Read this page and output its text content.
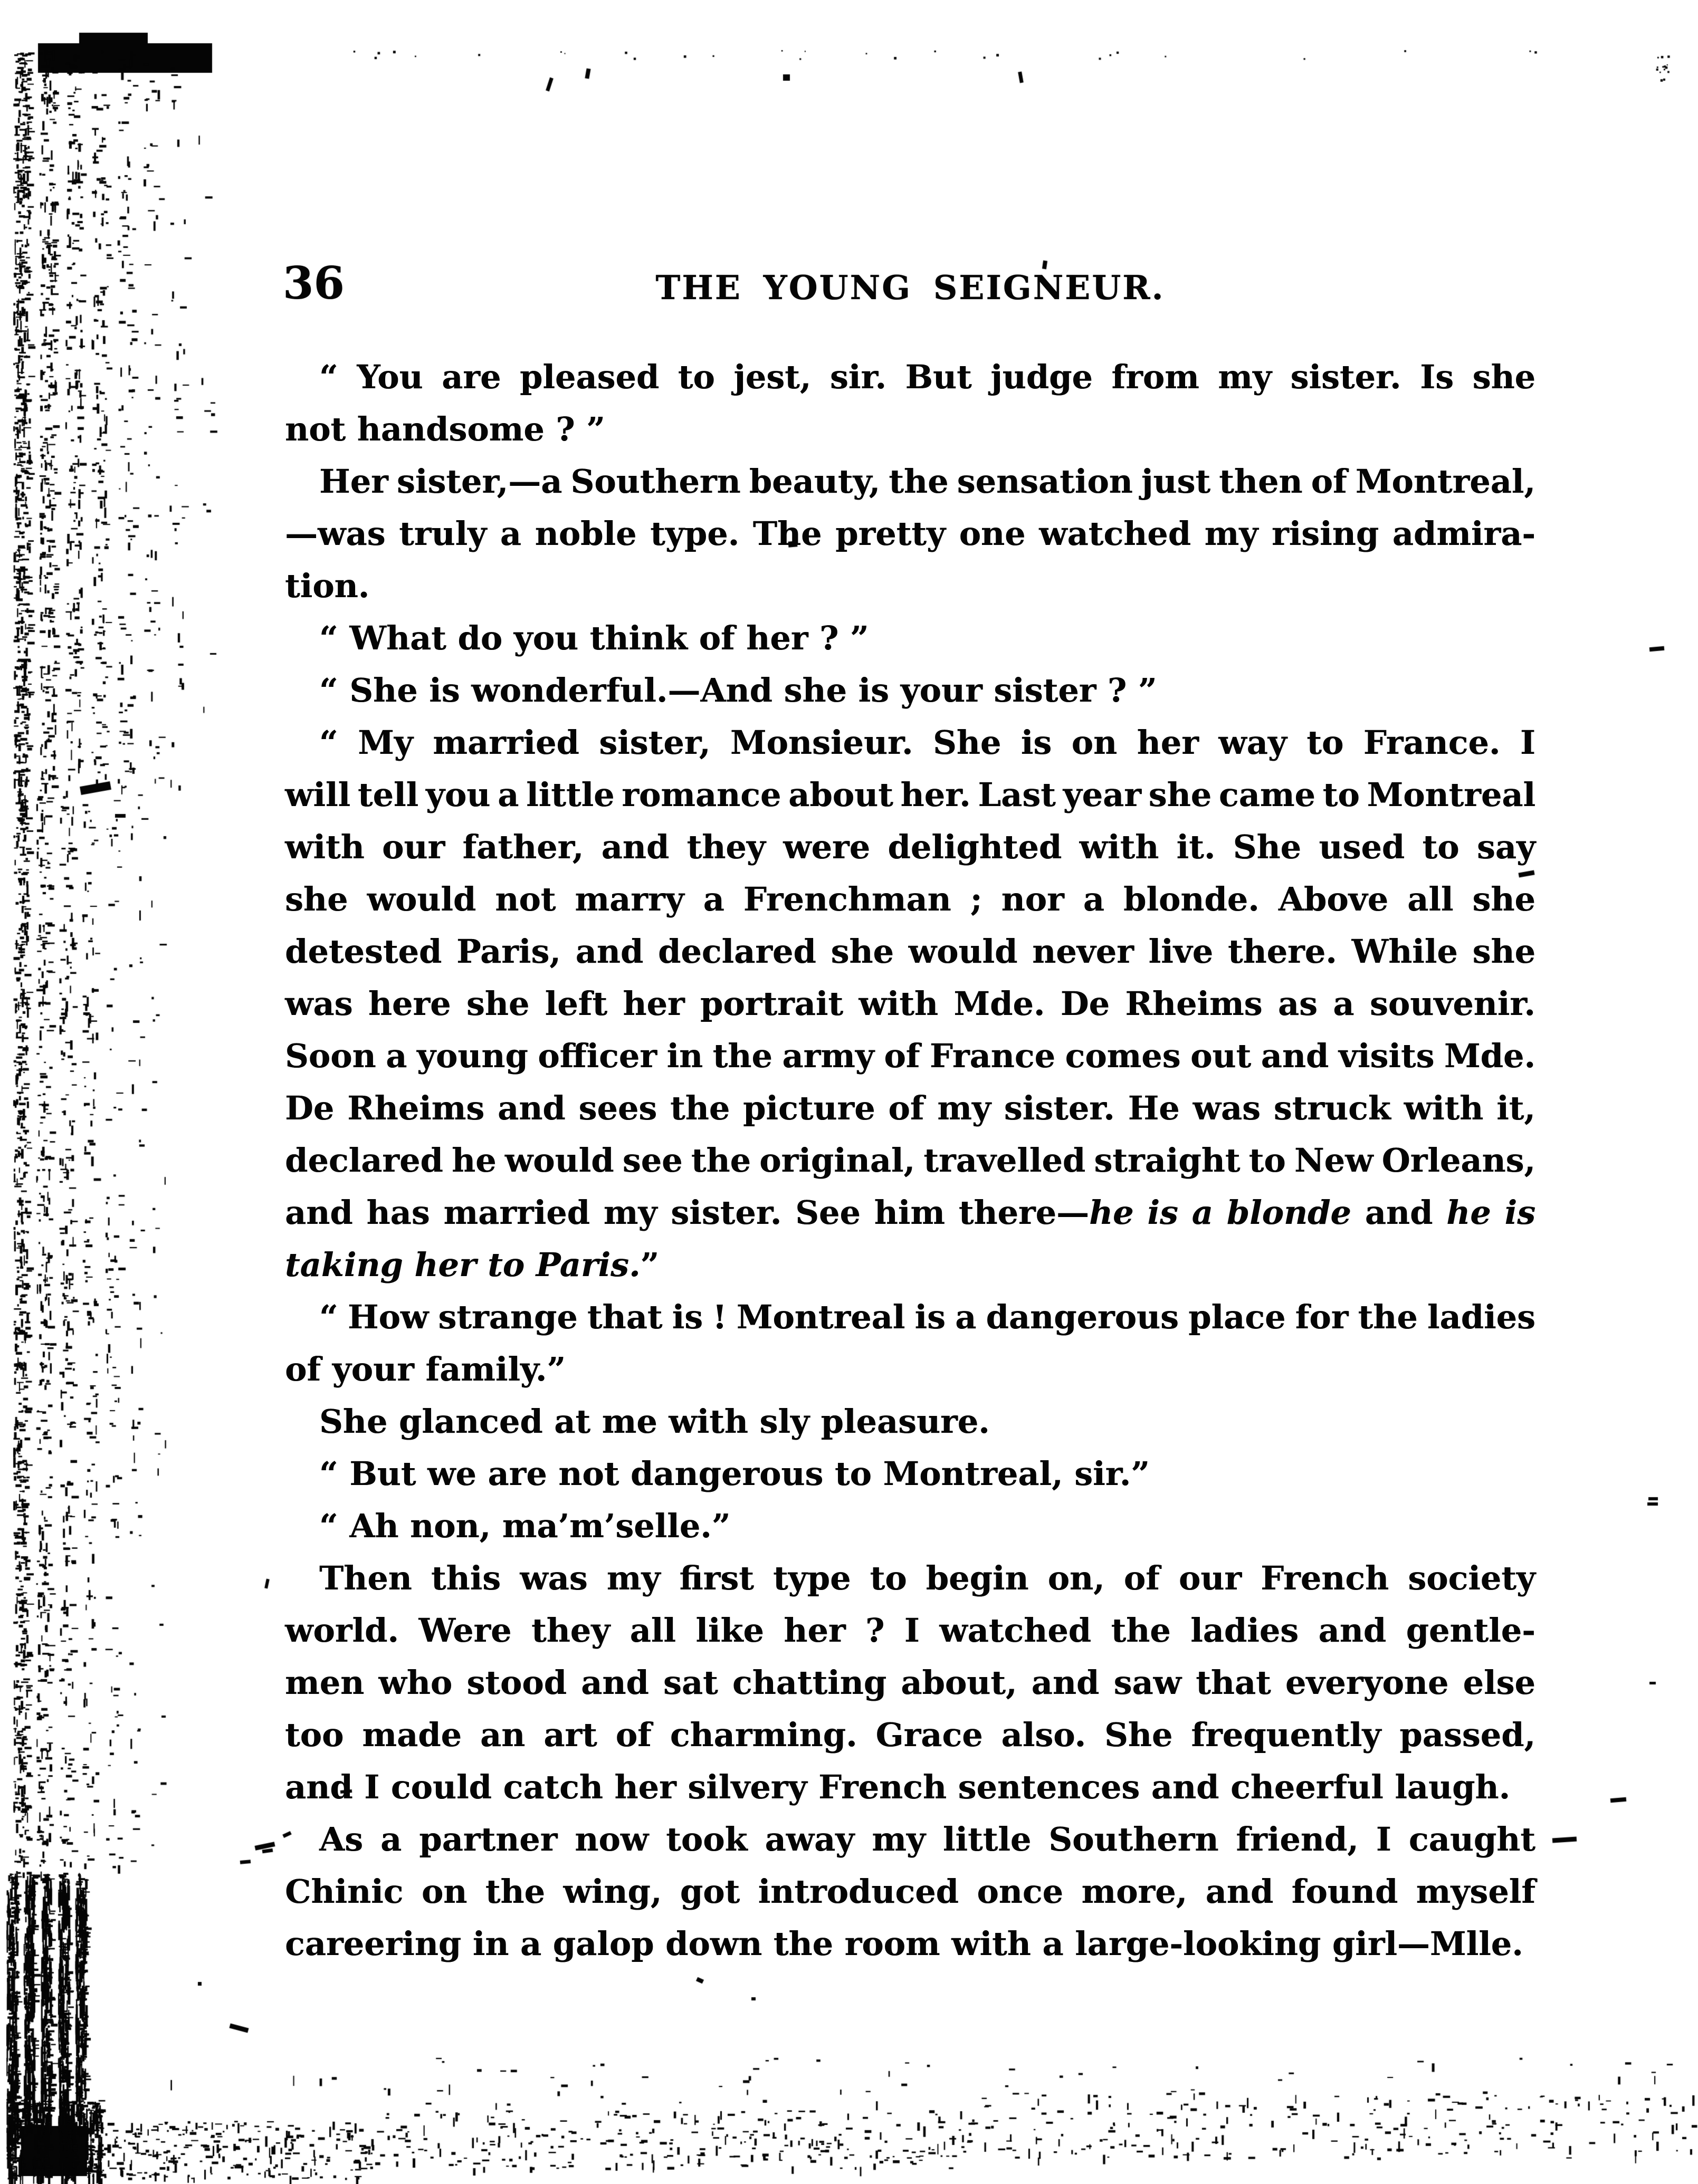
36	THE YOUNG SEIGNEUR.
“ You are pleased to jest, sir. But judge from my sister. Is she
not handsome ? ”
Her sister,—a Southern beauty, the sensation just then of Montreal,
—was truly a noble type. The pretty one watched my rising admira-
tion.
“ What do you think of her ? ”
“ She is wonderful.—And she is your sister ? ”
“ My married sister, Monsieur. She is on her way to France. I
will tell you a little romance about her. Last year she came to Montreal
with our father, and they were delighted with it. She used to say
she would not marry a Frenchman ; nor a blonde. Above all she
detested Paris, and declared she would never live there. While she
was here she left her portrait with Mde. De Rheims as a souvenir.
Soon a young officer in the army of France comes out and visits Mde.
De Rheims and sees the picture of my sister. He was struck with it,
declared he would see the original, travelled straight to New Orleans,
and has married my sister. See him there—he is a blonde and he is
taking her to Paris.”
“ How strange that is ! Montreal is a dangerous place for the ladies
of your family.”
She glanced at me with sly pleasure.
“ But we are not dangerous to Montreal, sir.”
“ Ah non, ma’m’selle.”
Then this was my first type to begin on, of our French society
world. Were they all like her ? I watched the ladies and gentle-
men who stood and sat chatting about, and saw that everyone else
too made an art of charming. Grace also. She frequently passed,
and I could catch her silvery French sentences and cheerful laugh.
As a partner now took away my little Southern friend, I caught
Chinic on the wing, got introduced once more, and found myself
careering in a galop down the room with a large-looking girl—Mlle.
